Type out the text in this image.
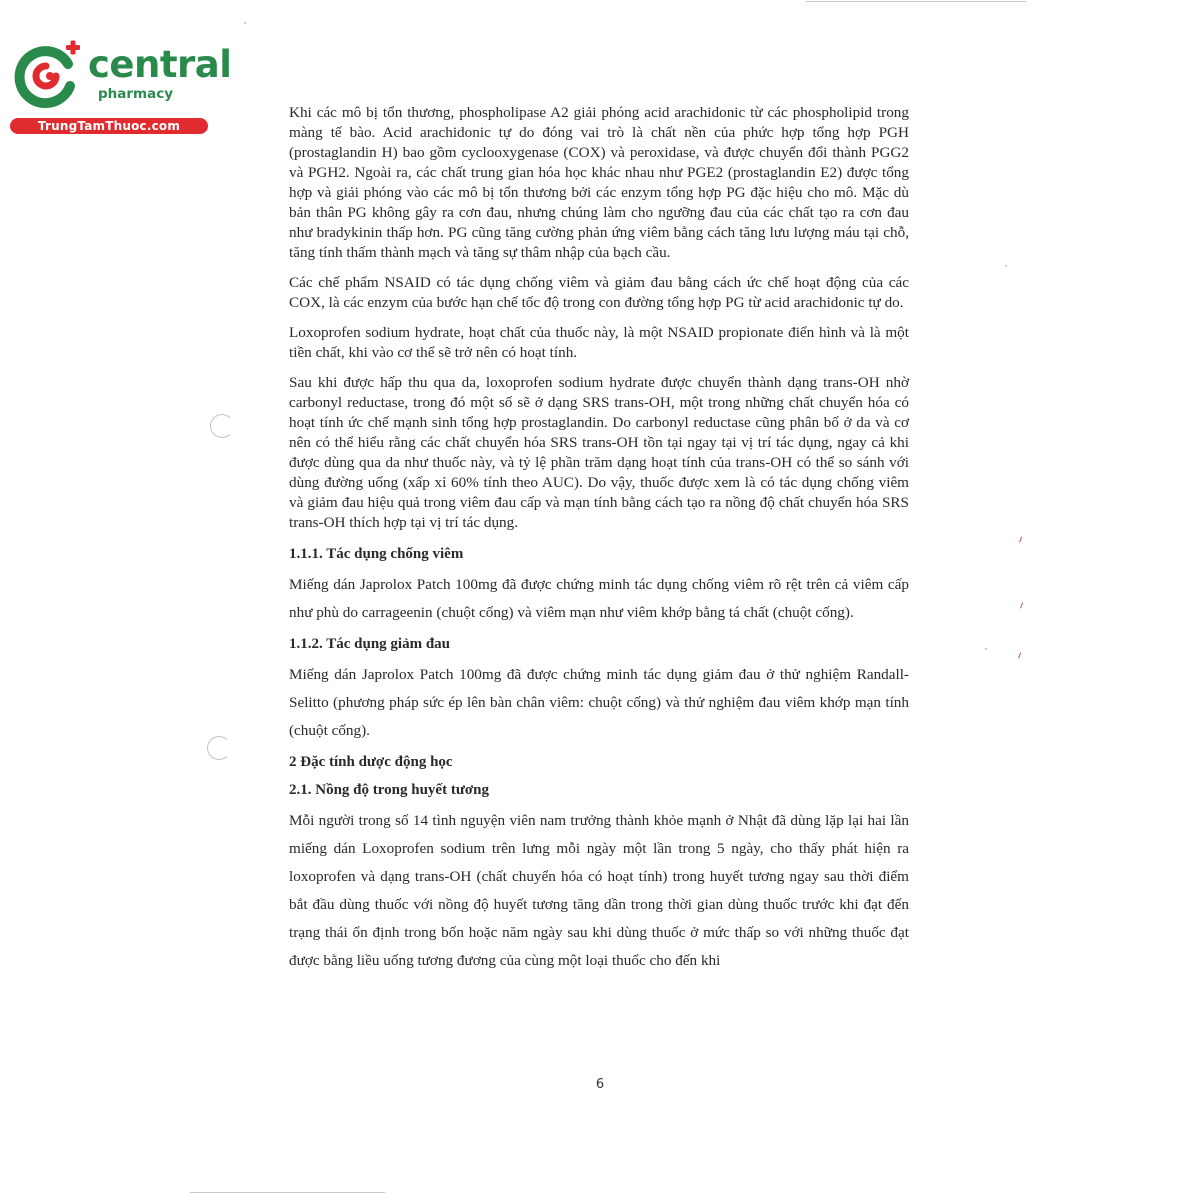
central
pharmacy
TrungTamThuoc.com

Khi các mô bị tổn thương, phospholipase A2 giải phóng acid arachidonic từ các phospholipid trong màng tế bào. Acid arachidonic tự do đóng vai trò là chất nền của phức hợp tổng hợp PGH (prostaglandin H) bao gồm cyclooxygenase (COX) và peroxidase, và được chuyển đổi thành PGG2 và PGH2. Ngoài ra, các chất trung gian hóa học khác nhau như PGE2 (prostaglandin E2) được tổng hợp và giải phóng vào các mô bị tổn thương bởi các enzym tổng hợp PG đặc hiệu cho mô. Mặc dù bản thân PG không gây ra cơn đau, nhưng chúng làm cho ngưỡng đau của các chất tạo ra cơn đau như bradykinin thấp hơn. PG cũng tăng cường phản ứng viêm bằng cách tăng lưu lượng máu tại chỗ, tăng tính thấm thành mạch và tăng sự thâm nhập của bạch cầu.

Các chế phẩm NSAID có tác dụng chống viêm và giảm đau bằng cách ức chế hoạt động của các COX, là các enzym của bước hạn chế tốc độ trong con đường tổng hợp PG từ acid arachidonic tự do.

Loxoprofen sodium hydrate, hoạt chất của thuốc này, là một NSAID propionate điển hình và là một tiền chất, khi vào cơ thể sẽ trở nên có hoạt tính.

Sau khi được hấp thu qua da, loxoprofen sodium hydrate được chuyển thành dạng trans-OH nhờ carbonyl reductase, trong đó một số sẽ ở dạng SRS trans-OH, một trong những chất chuyển hóa có hoạt tính ức chế mạnh sinh tổng hợp prostaglandin. Do carbonyl reductase cũng phân bố ở da và cơ nên có thể hiểu rằng các chất chuyển hóa SRS trans-OH tồn tại ngay tại vị trí tác dụng, ngay cả khi được dùng qua da như thuốc này, và tỷ lệ phần trăm dạng hoạt tính của trans-OH có thể so sánh với dùng đường uống (xấp xỉ 60% tính theo AUC). Do vậy, thuốc được xem là có tác dụng chống viêm và giảm đau hiệu quả trong viêm đau cấp và mạn tính bằng cách tạo ra nồng độ chất chuyển hóa SRS trans-OH thích hợp tại vị trí tác dụng.

1.1.1. Tác dụng chống viêm

Miếng dán Japrolox Patch 100mg đã được chứng minh tác dụng chống viêm rõ rệt trên cả viêm cấp như phù do carrageenin (chuột cống) và viêm mạn như viêm khớp bằng tá chất (chuột cống).

1.1.2. Tác dụng giảm đau

Miếng dán Japrolox Patch 100mg đã được chứng minh tác dụng giảm đau ở thử nghiệm Randall-Selitto (phương pháp sức ép lên bàn chân viêm: chuột cống) và thử nghiệm đau viêm khớp mạn tính (chuột cống).

2 Đặc tính dược động học
2.1. Nồng độ trong huyết tương

Mỗi người trong số 14 tình nguyện viên nam trưởng thành khỏe mạnh ở Nhật đã dùng lặp lại hai lần miếng dán Loxoprofen sodium trên lưng mỗi ngày một lần trong 5 ngày, cho thấy phát hiện ra loxoprofen và dạng trans-OH (chất chuyển hóa có hoạt tính) trong huyết tương ngay sau thời điểm bắt đầu dùng thuốc với nồng độ huyết tương tăng dần trong thời gian dùng thuốc trước khi đạt đến trạng thái ổn định trong bốn hoặc năm ngày sau khi dùng thuốc ở mức thấp so với những thuốc đạt được bằng liều uống tương đương của cùng một loại thuốc cho đến khi

6
